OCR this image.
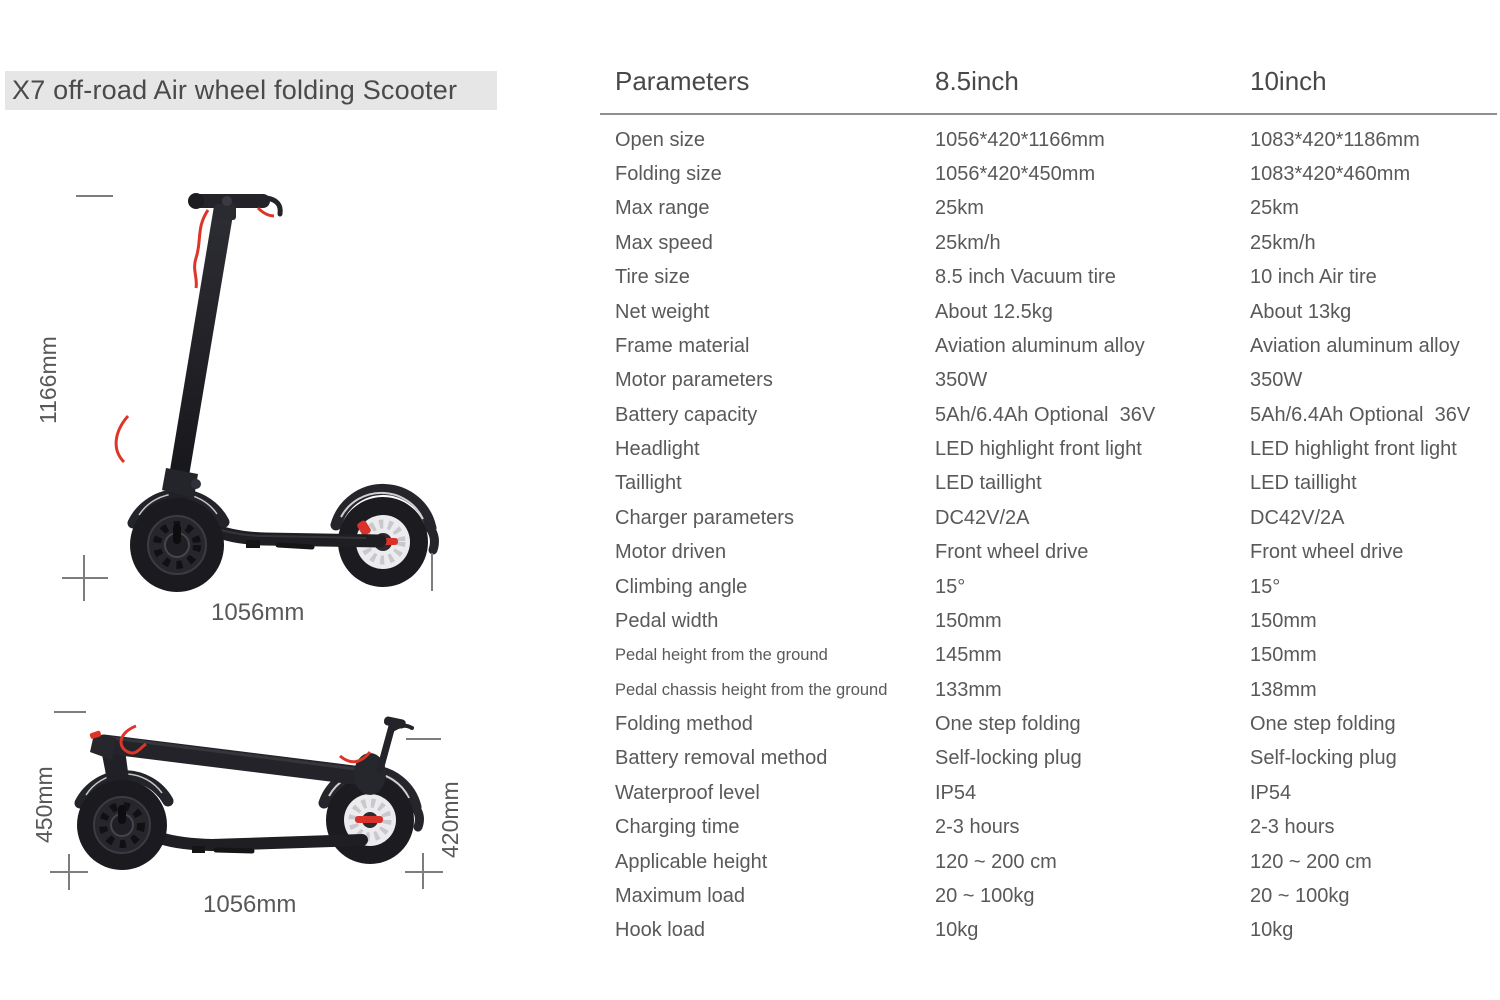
X7 off-road Air wheel folding Scooter
1166mm
1056mm
450mm	420mm
1056mm
Parameters	8.5inch	10inch
Open size	1056*420*1166mm	1083*420*1186mm
Folding size	1056*420*450mm	1083*420*460mm
Max range	25km	25km
Max speed	25km/h	25km/h
Tire size	8.5 inch Vacuum tire	10 inch Air tire
Net weight	About 12.5kg	About 13kg
Frame material	Aviation aluminum alloy	Aviation aluminum alloy
Motor parameters	350W	350W
Battery capacity	5Ah/6.4Ah Optional  36V	5Ah/6.4Ah Optional  36V
Headlight	LED highlight front light	LED highlight front light
Taillight	LED taillight	LED taillight
Charger parameters	DC42V/2A	DC42V/2A
Motor driven	Front wheel drive	Front wheel drive
Climbing angle	15°	15°
Pedal width	150mm	150mm
Pedal height from the ground	145mm	150mm
Pedal chassis height from the ground	133mm	138mm
Folding method	One step folding	One step folding
Battery removal method	Self-locking plug	Self-locking plug
Waterproof level	IP54	IP54
Charging time	2-3 hours	2-3 hours
Applicable height	120 ~ 200 cm	120 ~ 200 cm
Maximum load	20 ~ 100kg	20 ~ 100kg
Hook load	10kg	10kg
